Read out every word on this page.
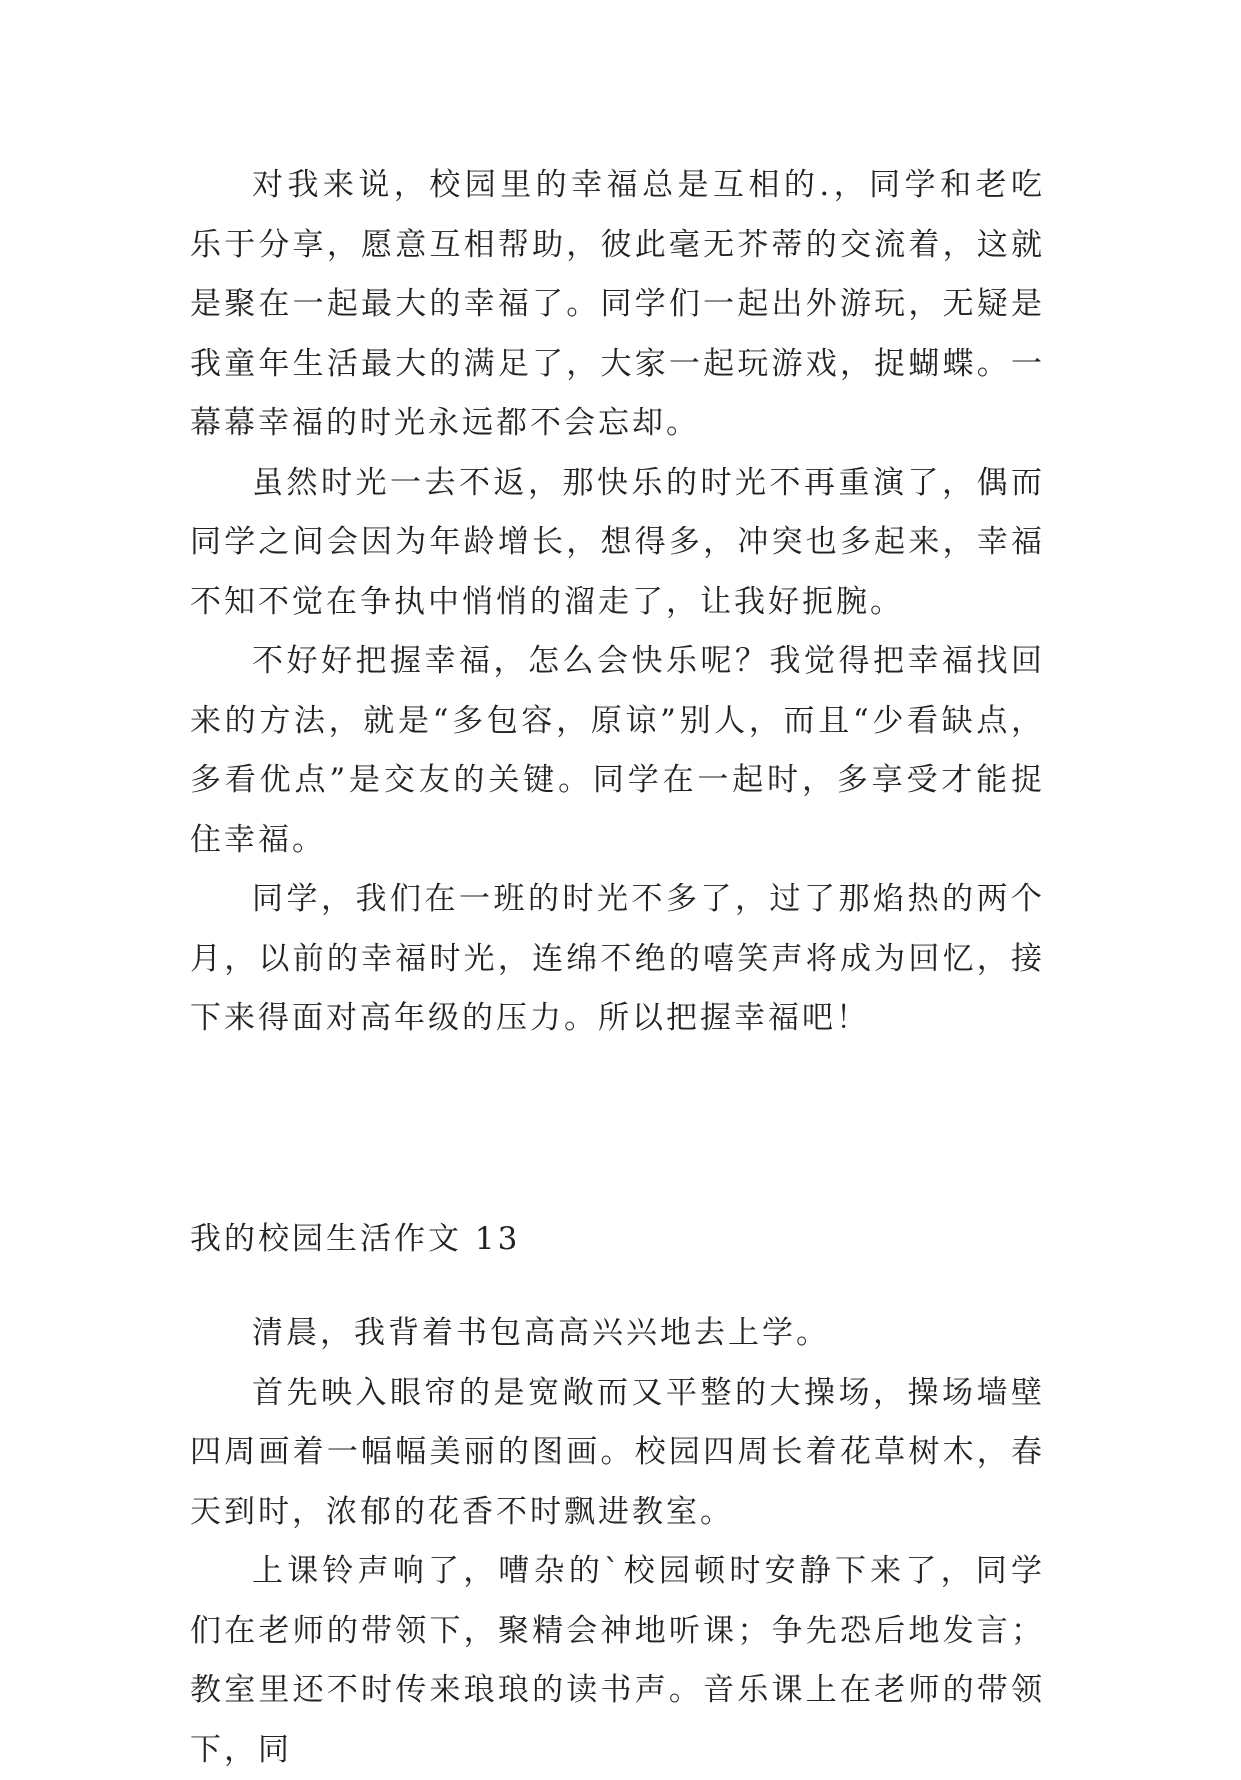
对我来说，校园里的幸福总是互相的.，同学和老吃乐于分享，愿意互相帮助，彼此毫无芥蒂的交流着，这就是聚在一起最大的幸福了。同学们一起出外游玩，无疑是我童年生活最大的满足了，大家一起玩游戏，捉蝴蝶。一幕幕幸福的时光永远都不会忘却。

虽然时光一去不返，那快乐的时光不再重演了，偶而同学之间会因为年龄增长，想得多，冲突也多起来，幸福不知不觉在争执中悄悄的溜走了，让我好扼腕。

不好好把握幸福，怎么会快乐呢？我觉得把幸福找回来的方法，就是“多包容，原谅”别人，而且“少看缺点，多看优点”是交友的关键。同学在一起时，多享受才能捉住幸福。

同学，我们在一班的时光不多了，过了那焰热的两个月，以前的幸福时光，连绵不绝的嘻笑声将成为回忆，接下来得面对高年级的压力。所以把握幸福吧！

我的校园生活作文 13

清晨，我背着书包高高兴兴地去上学。

首先映入眼帘的是宽敞而又平整的大操场，操场墙壁四周画着一幅幅美丽的图画。校园四周长着花草树木，春天到时，浓郁的花香不时飘进教室。

上课铃声响了，嘈杂的`校园顿时安静下来了，同学们在老师的带领下，聚精会神地听课；争先恐后地发言；教室里还不时传来琅琅的读书声。音乐课上在老师的带领下，同
